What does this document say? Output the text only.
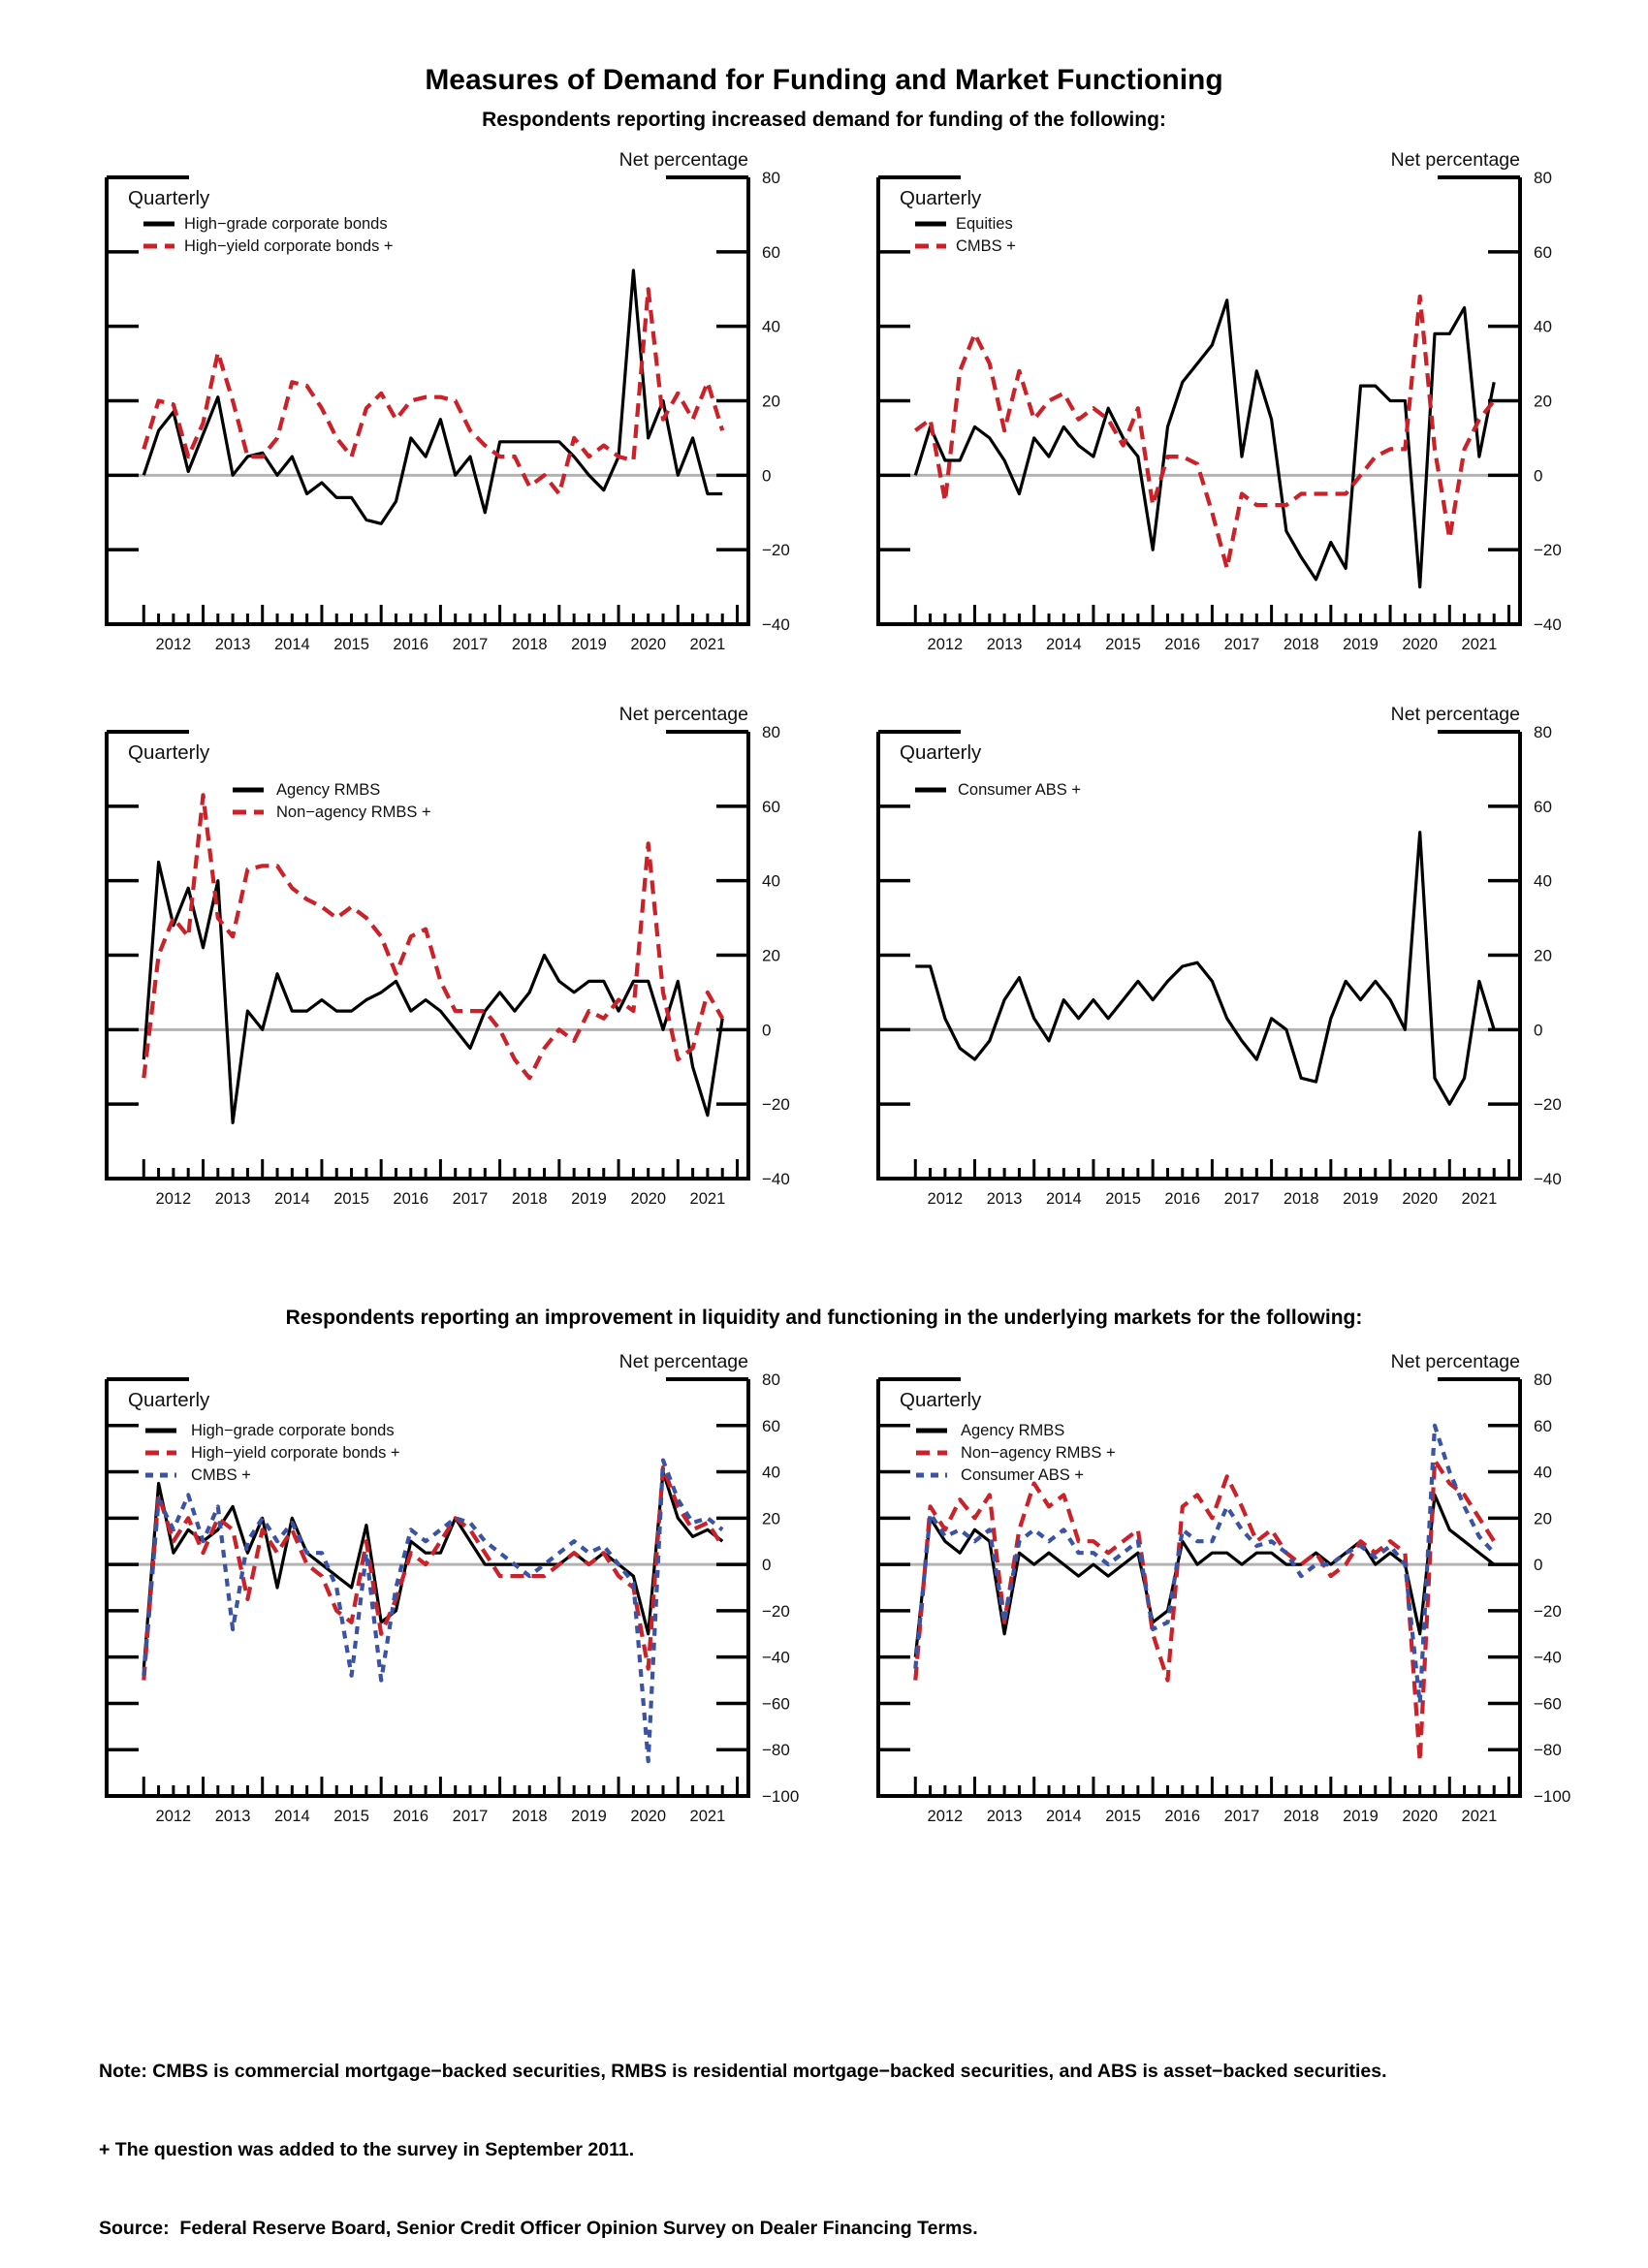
Measures of Demand for Funding and Market Functioning
Respondents reporting increased demand for funding of the following:
Respondents reporting an improvement in liquidity and functioning in the underlying markets for the following:
80
60
40
20
0
−20
−40
2012 2013 2014 2015 2016 2017 2018 2019 2020 2021
Net percentage
Quarterly
High−grade corporate bonds
High−yield corporate bonds +
80
60
40
20
0
−20
−40
2012 2013 2014 2015 2016 2017 2018 2019 2020 2021
Net percentage
Quarterly
Equities
CMBS +
80
60
40
20
0
−20
−40
2012 2013 2014 2015 2016 2017 2018 2019 2020 2021
Net percentage
Quarterly
Agency RMBS
Non−agency RMBS +
80
60
40
20
0
−20
−40
2012 2013 2014 2015 2016 2017 2018 2019 2020 2021
Net percentage
Quarterly
Consumer ABS +
80
60
40
20
0
−20
−40
−60
−80
−100
2012 2013 2014 2015 2016 2017 2018 2019 2020 2021
Net percentage
Quarterly
High−grade corporate bonds
High−yield corporate bonds +
CMBS +
80
60
40
20
0
−20
−40
−60
−80
−100
2012 2013 2014 2015 2016 2017 2018 2019 2020 2021
Net percentage
Quarterly
Agency RMBS
Non−agency RMBS +
Consumer ABS +

Note: CMBS is commercial mortgage−backed securities, RMBS is residential mortgage−backed securities, and ABS is asset−backed securities.

+ The question was added to the survey in September 2011.

Source:  Federal Reserve Board, Senior Credit Officer Opinion Survey on Dealer Financing Terms.
